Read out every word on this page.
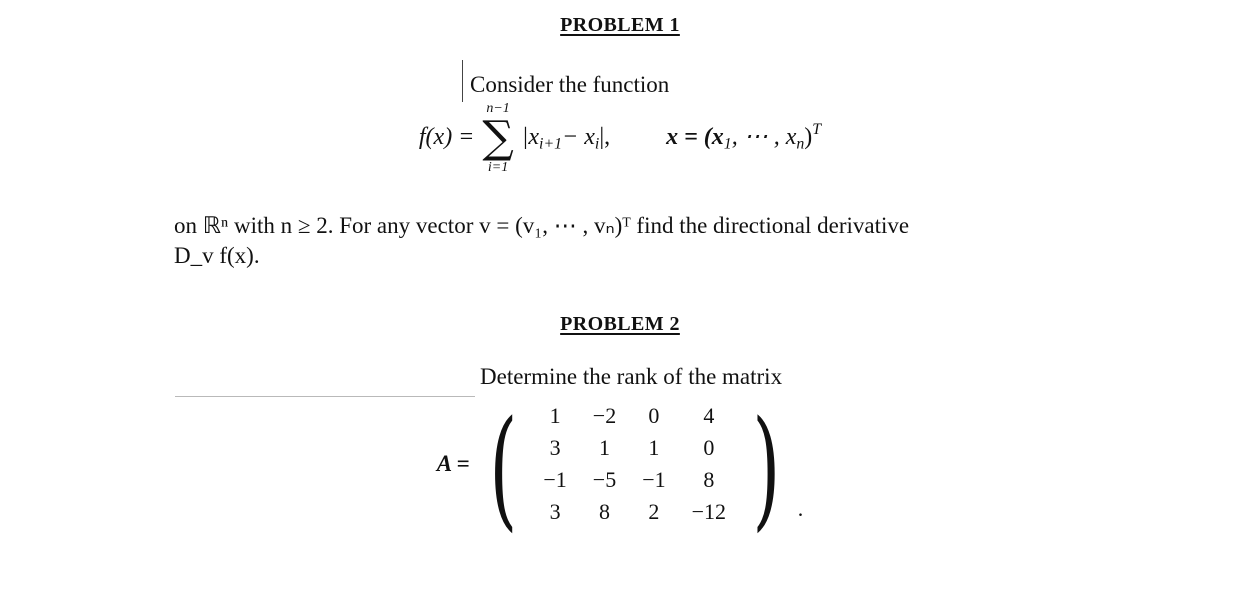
PROBLEM 1
Consider the function
f(x) =
n−1
∑
i=1
$|x_{i+1}- x_i|$, $x = (x_1$, ⋯ , $x_n)^T$
on ℝⁿ with n ≥ 2. For any vector v = (v₁, ⋯ , vₙ)ᵀ find the directional derivative
D_v f(x).
PROBLEM 2
Determine the rank of the matrix
A = ( 1	−2	0	4
3	1	1	0
−1	−5	−1	8
3	8	2	−12 ) .
